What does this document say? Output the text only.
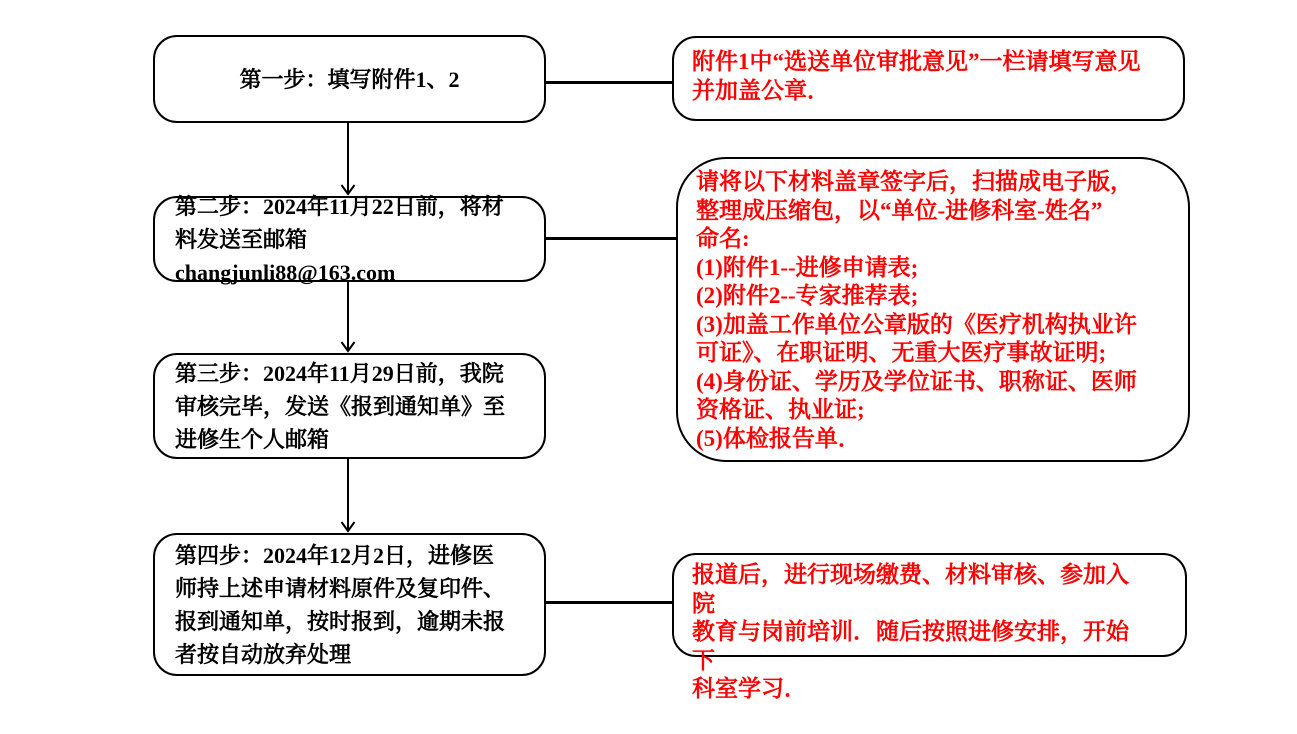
第一步：填写附件1、2
第二步：2024年11月22日前，将材
料发送至邮箱changjunli88@163.com
第三步：2024年11月29日前，我院
审核完毕，发送《报到通知单》至
进修生个人邮箱
第四步：2024年12月2日，进修医
师持上述申请材料原件及复印件、
报到通知单，按时报到，逾期未报
者按自动放弃处理
附件1中“选送单位审批意见”一栏请填写意见
并加盖公章．
请将以下材料盖章签字后，扫描成电子版，
整理成压缩包，以“单位-进修科室-姓名”
命名:
(1)附件1--进修申请表;
(2)附件2--专家推荐表;
(3)加盖工作单位公章版的《医疗机构执业许
可证》、在职证明、无重大医疗事故证明;
(4)身份证、学历及学位证书、职称证、医师
资格证、执业证;
(5)体检报告单．
报道后，进行现场缴费、材料审核、参加入院
教育与岗前培训．随后按照进修安排，开始下
科室学习．
